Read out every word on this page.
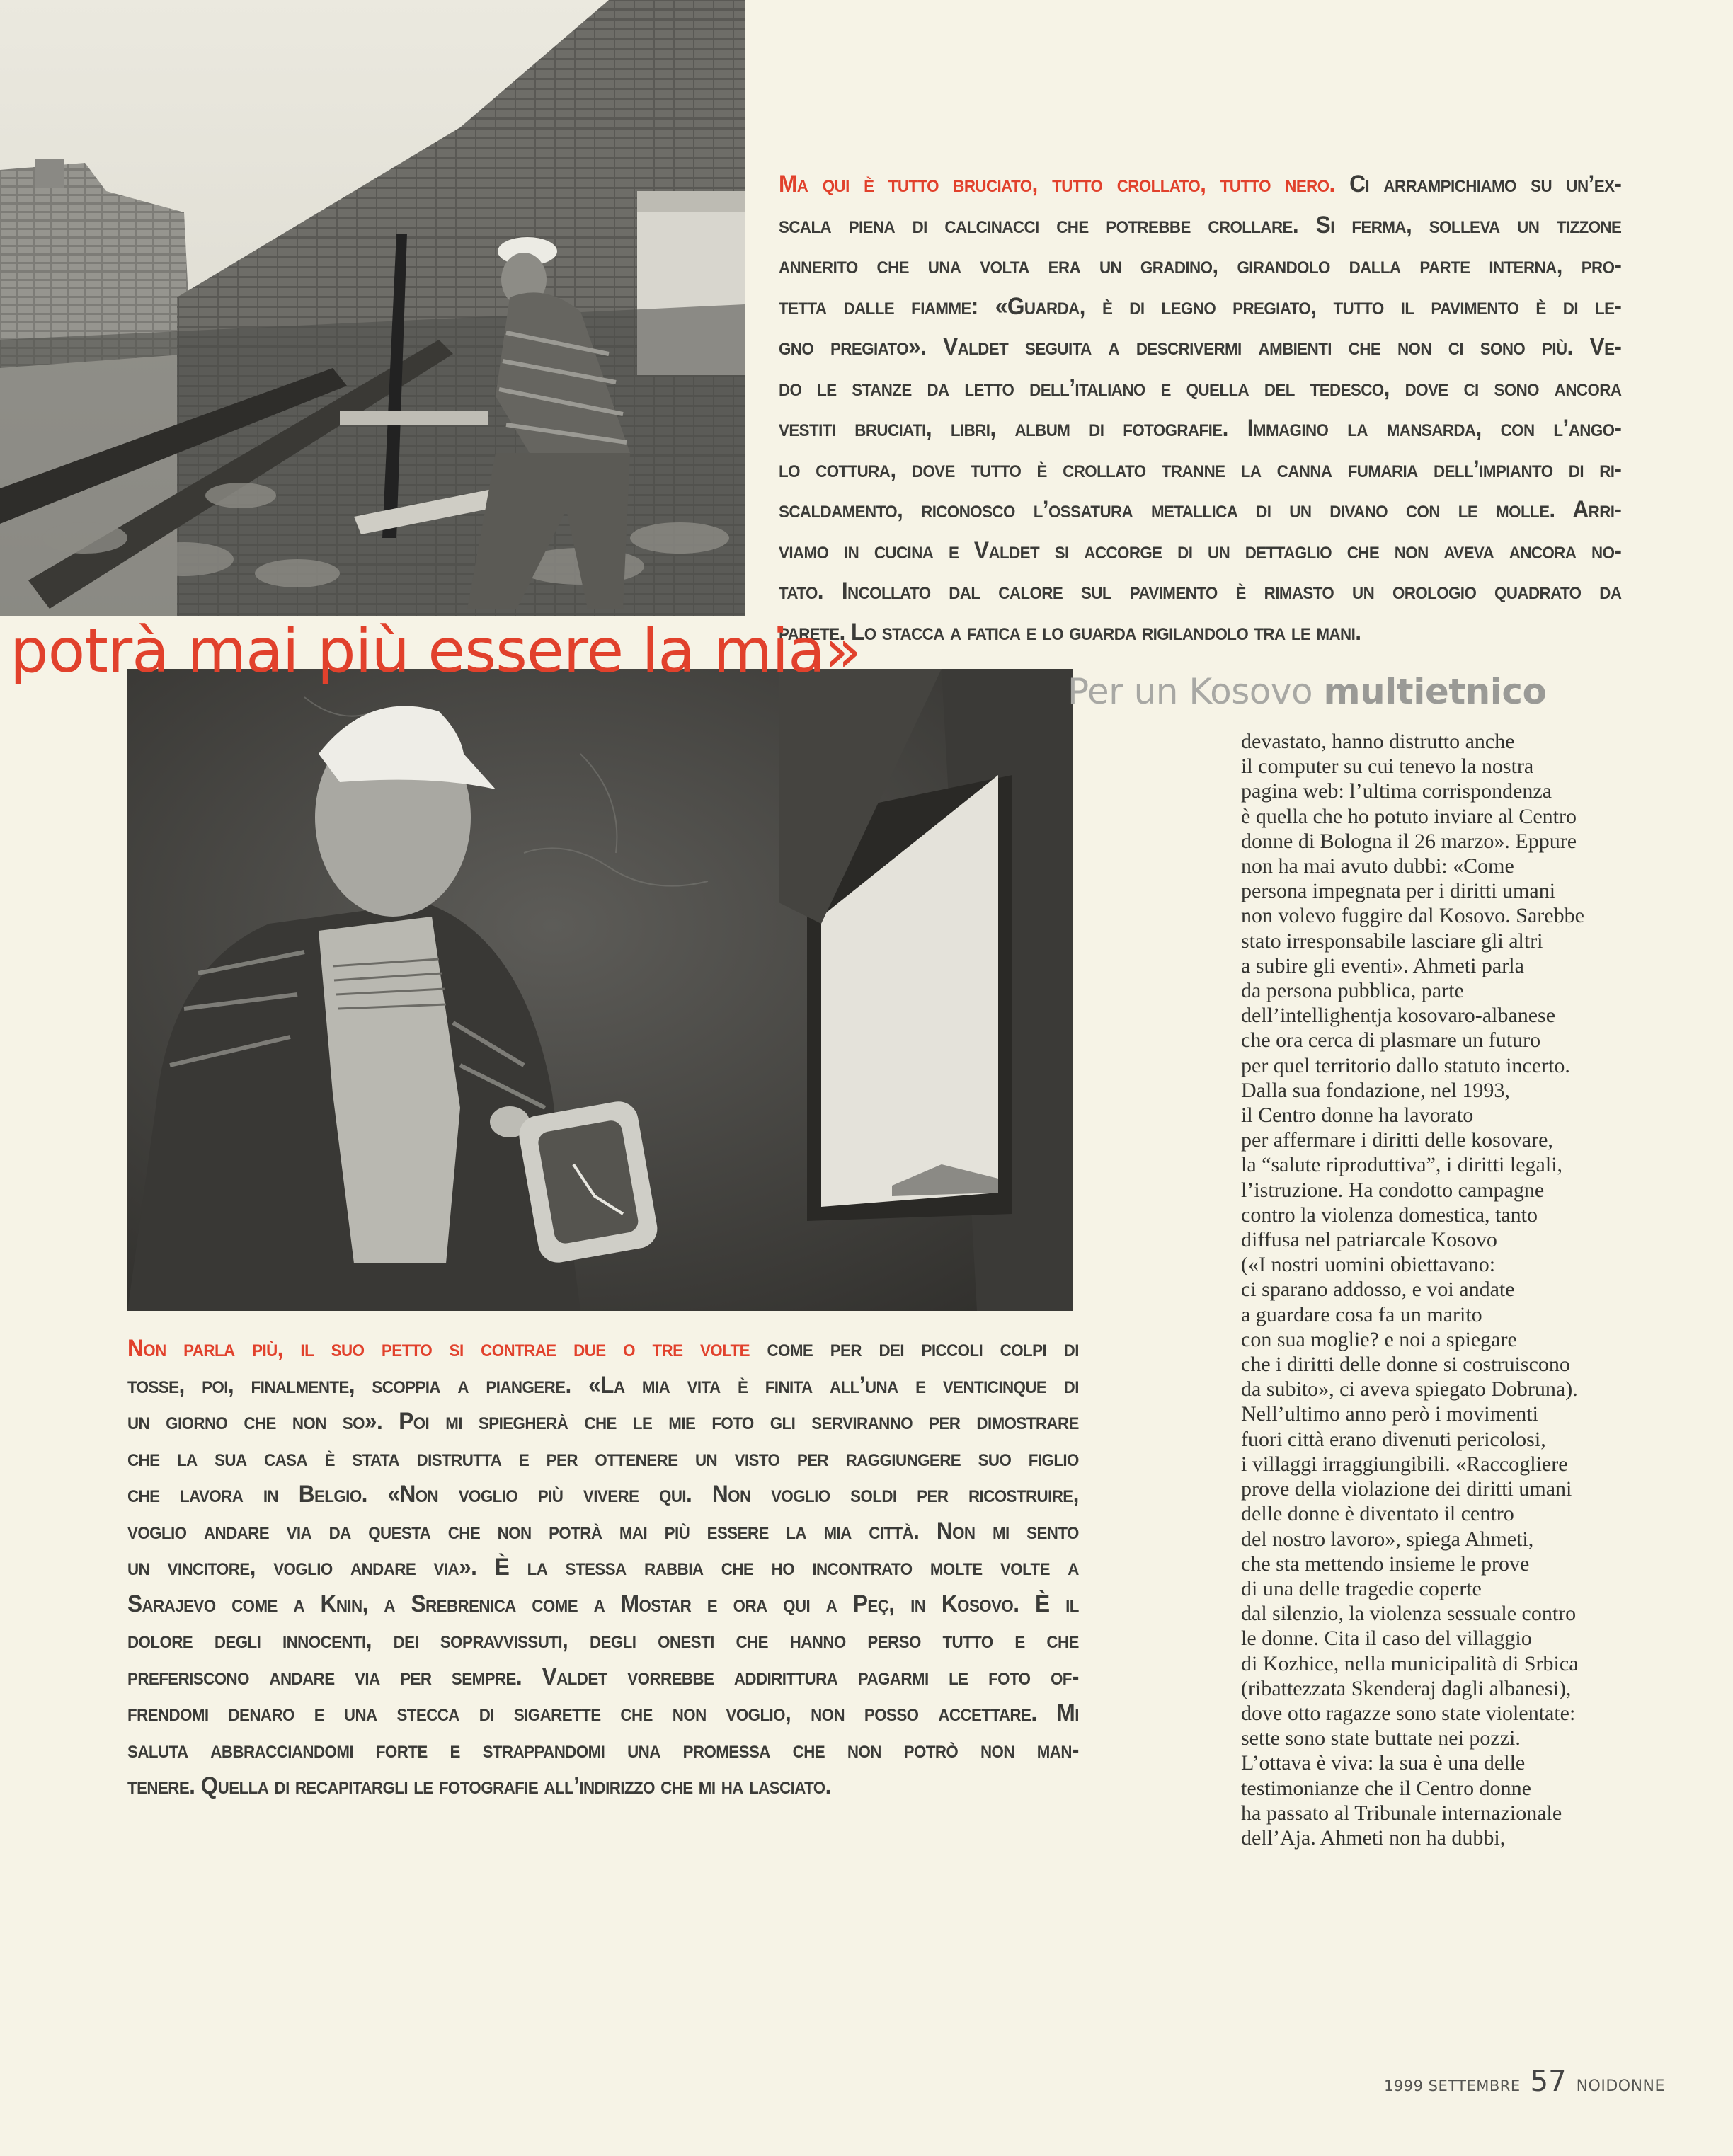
potrà mai più essere la mia»
Ma qui è tutto bruciato, tutto crollato, tutto nero. Ci arrampichiamo su un’ex-
scala piena di calcinacci che potrebbe crollare. Si ferma, solleva un tizzone
annerito che una volta era un gradino, girandolo dalla parte interna, pro-
tetta dalle fiamme: «Guarda, è di legno pregiato, tutto il pavimento è di le-
gno pregiato». Valdet seguita a descrivermi ambienti che non ci sono più. Ve-
do le stanze da letto dell’italiano e quella del tedesco, dove ci sono ancora
vestiti bruciati, libri, album di fotografie. Immagino la mansarda, con l’ango-
lo cottura, dove tutto è crollato tranne la canna fumaria dell’impianto di ri-
scaldamento, riconosco l’ossatura metallica di un divano con le molle. Arri-
viamo in cucina e Valdet si accorge di un dettaglio che non aveva ancora no-
tato. Incollato dal calore sul pavimento è rimasto un orologio quadrato da
parete. Lo stacca a fatica e lo guarda rigilandolo tra le mani.
Per un Kosovo multietnico
devastato, hanno distrutto anche
il computer su cui tenevo la nostra
pagina web: l’ultima corrispondenza
è quella che ho potuto inviare al Centro
donne di Bologna il 26 marzo». Eppure
non ha mai avuto dubbi: «Come
persona impegnata per i diritti umani
non volevo fuggire dal Kosovo. Sarebbe
stato irresponsabile lasciare gli altri
a subire gli eventi». Ahmeti parla
da persona pubblica, parte
dell’intellighentja kosovaro-albanese
che ora cerca di plasmare un futuro
per quel territorio dallo statuto incerto.
Dalla sua fondazione, nel 1993,
il Centro donne ha lavorato
per affermare i diritti delle kosovare,
la “salute riproduttiva”, i diritti legali,
l’istruzione. Ha condotto campagne
contro la violenza domestica, tanto
diffusa nel patriarcale Kosovo
(«I nostri uomini obiettavano:
ci sparano addosso, e voi andate
a guardare cosa fa un marito
con sua moglie? e noi a spiegare
che i diritti delle donne si costruiscono
da subito», ci aveva spiegato Dobruna).
Nell’ultimo anno però i movimenti
fuori città erano divenuti pericolosi,
i villaggi irraggiungibili. «Raccogliere
prove della violazione dei diritti umani
delle donne è diventato il centro
del nostro lavoro», spiega Ahmeti,
che sta mettendo insieme le prove
di una delle tragedie coperte
dal silenzio, la violenza sessuale contro
le donne. Cita il caso del villaggio
di Kozhice, nella municipalità di Srbica
(ribattezzata Skenderaj dagli albanesi),
dove otto ragazze sono state violentate:
sette sono state buttate nei pozzi.
L’ottava è viva: la sua è una delle
testimonianze che il Centro donne
ha passato al Tribunale internazionale
dell’Aja. Ahmeti non ha dubbi,
Non parla più, il suo petto si contrae due o tre volte come per dei piccoli colpi di
tosse, poi, finalmente, scoppia a piangere. «La mia vita è finita all’una e venticinque di
un giorno che non so». Poi mi spiegherà che le mie foto gli serviranno per dimostrare
che la sua casa è stata distrutta e per ottenere un visto per raggiungere suo figlio
che lavora in Belgio. «Non voglio più vivere qui. Non voglio soldi per ricostruire,
voglio andare via da questa che non potrà mai più essere la mia città. Non mi sento
un vincitore, voglio andare via». È la stessa rabbia che ho incontrato molte volte a
Sarajevo come a Knin, a Srebrenica come a Mostar e ora qui a Peç, in Kosovo. È il
dolore degli innocenti, dei sopravvissuti, degli onesti che hanno perso tutto e che
preferiscono andare via per sempre. Valdet vorrebbe addirittura pagarmi le foto of-
frendomi denaro e una stecca di sigarette che non voglio, non posso accettare. Mi
saluta abbracciandomi forte e strappandomi una promessa che non potrò non man-
tenere. Quella di recapitargli le fotografie all’indirizzo che mi ha lasciato.
1999 SETTEMBRE 57 NOIDONNE
